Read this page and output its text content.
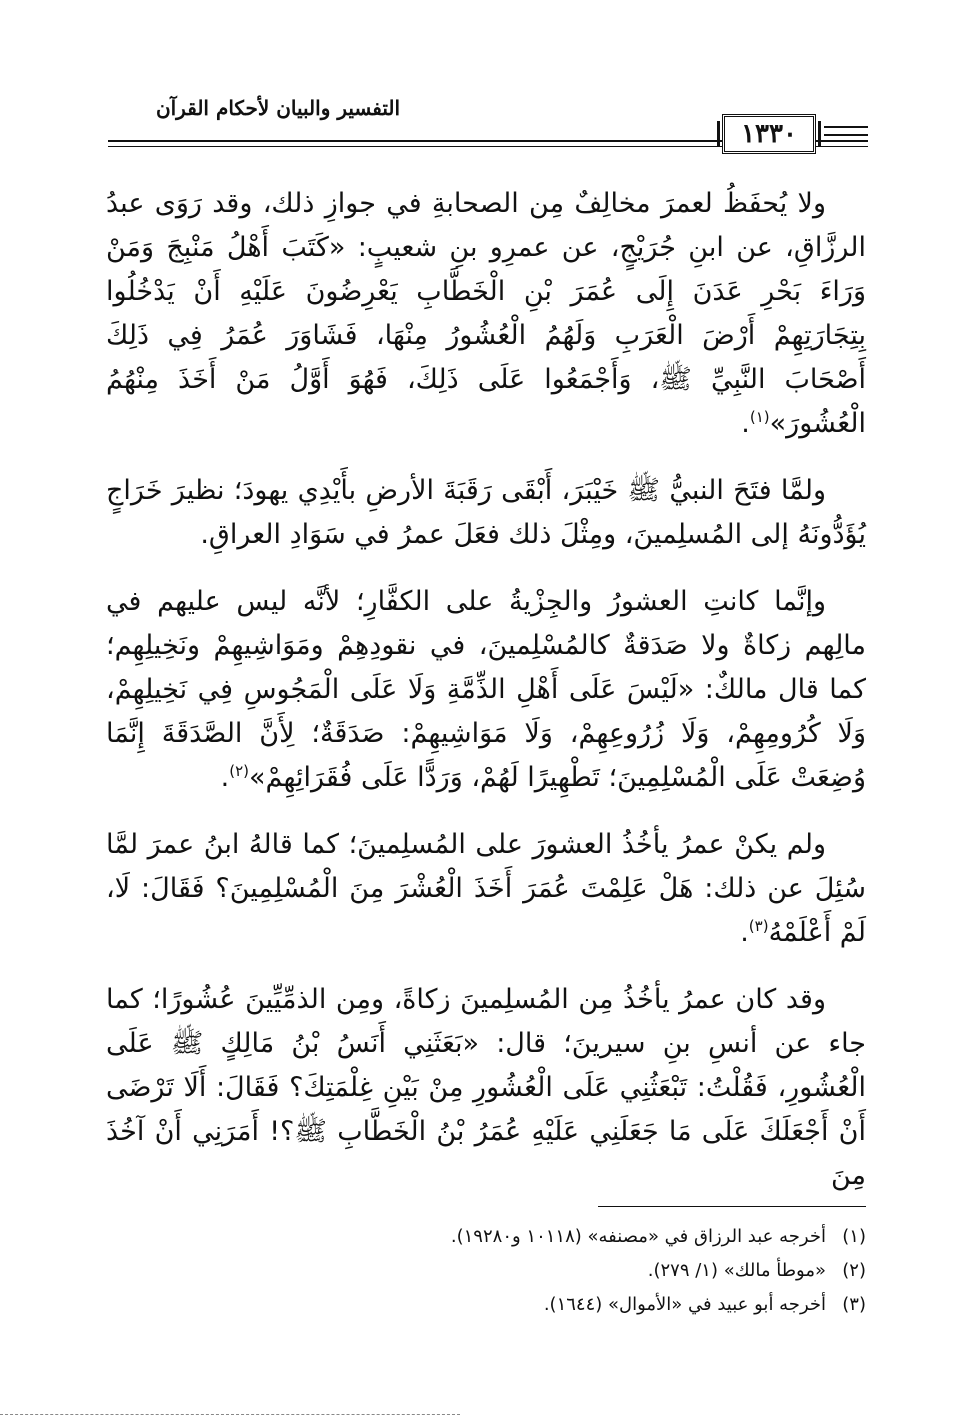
التفسير والبيان لأحكام القرآن
١٣٣٠

ولا يُحفَظُ لعمرَ مخالِفٌ مِن الصحابةِ في جوازِ ذلك، وقد رَوَى عبدُ الرزَّاقِ، عن ابنِ جُرَيْجٍ، عن عمرِو بنِ شعيبٍ: «كَتَبَ أَهْلُ مَنْبِجَ وَمَنْ وَرَاءَ بَحْرِ عَدَنَ إِلَى عُمَرَ بْنِ الْخَطَّابِ يَعْرِضُونَ عَلَيْهِ أَنْ يَدْخُلُوا بِتِجَارَتِهِمْ أَرْضَ الْعَرَبِ وَلَهُمُ الْعُشُورُ مِنْهَا، فَشَاوَرَ عُمَرُ فِي ذَلِكَ أَصْحَابَ النَّبِيِّ ﷺ، وَأَجْمَعُوا عَلَى ذَلِكَ، فَهُوَ أَوَّلُ مَنْ أَخَذَ مِنْهُمُ الْعُشُورَ»$^{(١)}$.

ولمَّا فتَحَ النبيُّ ﷺ خَيْبَرَ، أَبْقَى رَقَبَةَ الأرضِ بأَيْدِي يهودَ؛ نظيرَ خَرَاجٍ يُؤَدُّونَهُ إلى المُسلِمينَ، ومِثْلَ ذلك فعَلَ عمرُ في سَوَادِ العراقِ.

وإنَّما كانتِ العشورُ والجِزْيةُ على الكفَّارِ؛ لأنَّه ليس عليهم في مالِهم زكاةٌ ولا صَدَقةٌ كالمُسْلِمينَ، في نقودِهِمْ ومَوَاشِيهِمْ ونَخِيلِهِم؛ كما قال مالكٌ: «لَيْسَ عَلَى أَهْلِ الذِّمَّةِ وَلَا عَلَى الْمَجُوسِ فِي نَخِيلِهِمْ، وَلَا كُرُومِهِمْ، وَلَا زُرُوعِهِمْ، وَلَا مَوَاشِيهِمْ: صَدَقَةٌ؛ لِأَنَّ الصَّدَقَةَ إِنَّمَا وُضِعَتْ عَلَى الْمُسْلِمِينَ؛ تَطْهِيرًا لَهُمْ، وَرَدًّا عَلَى فُقَرَائِهِمْ»$^{(٢)}$.

ولم يكنْ عمرُ يأخُذُ العشورَ على المُسلِمينَ؛ كما قالهُ ابنُ عمرَ لمَّا سُئِلَ عن ذلك: هَلْ عَلِمْتَ عُمَرَ أَخَذَ الْعُشْرَ مِنَ الْمُسْلِمِينَ؟ فَقَالَ: لَا، لَمْ أَعْلَمْهُ$^{(٣)}$.

وقد كان عمرُ يأخُذُ مِن المُسلِمينَ زكاةً، ومِن الذمِّيِّينَ عُشُورًا؛ كما جاء عن أنسِ بنِ سيرينَ؛ قال: «بَعَثَنِي أَنَسُ بْنُ مَالِكٍ ﷺ عَلَى الْعُشُورِ، فَقُلْتُ: تَبْعَثُنِي عَلَى الْعُشُورِ مِنْ بَيْنِ غِلْمَتِكَ؟ فَقَالَ: أَلَا تَرْضَى أَنْ أَجْعَلَكَ عَلَى مَا جَعَلَنِي عَلَيْهِ عُمَرُ بْنُ الْخَطَّابِ ﷺ؟! أَمَرَنِي أَنْ آخُذَ مِنَ

(١)أخرجه عبد الرزاق في «مصنفه» (١٠١١٨ و١٩٢٨٠).
(٢)«موطأ مالك» (١/ ٢٧٩).
(٣)أخرجه أبو عبيد في «الأموال» (١٦٤٤).
